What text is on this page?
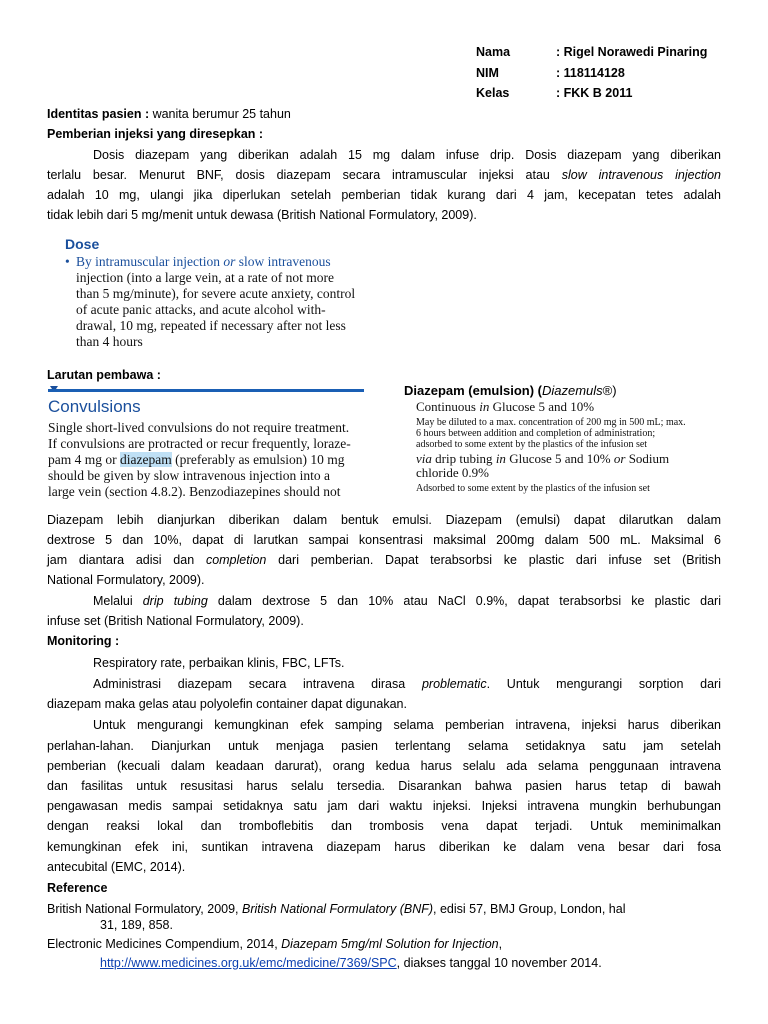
Nama	: Rigel Norawedi Pinaring
NIM	: 118114128
Kelas	: FKK B 2011
Identitas pasien : wanita berumur 25 tahun
Pemberian injeksi yang diresepkan :
Dosis diazepam yang diberikan adalah 15 mg dalam infuse drip. Dosis diazepam yang diberikan
terlalu besar. Menurut BNF, dosis diazepam secara intramuscular injeksi atau slow intravenous injection
adalah 10 mg, ulangi jika diperlukan setelah pemberian tidak kurang dari 4 jam, kecepatan tetes adalah
tidak lebih dari 5 mg/menit untuk dewasa (British National Formulatory, 2009).
Dose
• By intramuscular injection or slow intravenous
injection (into a large vein, at a rate of not more
than 5 mg/minute), for severe acute anxiety, control
of acute panic attacks, and acute alcohol with-
drawal, 10 mg, repeated if necessary after not less
than 4 hours
Larutan pembawa :
Convulsions
Single short-lived convulsions do not require treatment.
If convulsions are protracted or recur frequently, loraze-
pam 4 mg or diazepam (preferably as emulsion) 10 mg
should be given by slow intravenous injection into a
large vein (section 4.8.2). Benzodiazepines should not
Diazepam (emulsion) (Diazemuls®)
Continuous in Glucose 5 and 10%
May be diluted to a max. concentration of 200 mg in 500 mL; max.
6 hours between addition and completion of administration;
adsorbed to some extent by the plastics of the infusion set
via drip tubing in Glucose 5 and 10% or Sodium
chloride 0.9%
Adsorbed to some extent by the plastics of the infusion set
Diazepam lebih dianjurkan diberikan dalam bentuk emulsi. Diazepam (emulsi) dapat dilarutkan dalam
dextrose 5 dan 10%, dapat di larutkan sampai konsentrasi maksimal 200mg dalam 500 mL. Maksimal 6
jam diantara adisi dan completion dari pemberian. Dapat terabsorbsi ke plastic dari infuse set (British
National Formulatory, 2009).
Melalui drip tubing dalam dextrose 5 dan 10% atau NaCl 0.9%, dapat terabsorbsi ke plastic dari
infuse set (British National Formulatory, 2009).
Monitoring :
Respiratory rate, perbaikan klinis, FBC, LFTs.
Administrasi diazepam secara intravena dirasa problematic. Untuk mengurangi sorption dari
diazepam maka gelas atau polyolefin container dapat digunakan.
Untuk mengurangi kemungkinan efek samping selama pemberian intravena, injeksi harus diberikan
perlahan-lahan. Dianjurkan untuk menjaga pasien terlentang selama setidaknya satu jam setelah
pemberian (kecuali dalam keadaan darurat), orang kedua harus selalu ada selama penggunaan intravena
dan fasilitas untuk resusitasi harus selalu tersedia. Disarankan bahwa pasien harus tetap di bawah
pengawasan medis sampai setidaknya satu jam dari waktu injeksi. Injeksi intravena mungkin berhubungan
dengan reaksi lokal dan tromboflebitis dan trombosis vena dapat terjadi. Untuk meminimalkan
kemungkinan efek ini, suntikan intravena diazepam harus diberikan ke dalam vena besar dari fosa
antecubital (EMC, 2014).
Reference
British National Formulatory, 2009, British National Formulatory (BNF), edisi 57, BMJ Group, London, hal
31, 189, 858.
Electronic Medicines Compendium, 2014, Diazepam 5mg/ml Solution for Injection,
http://www.medicines.org.uk/emc/medicine/7369/SPC, diakses tanggal 10 november 2014.
